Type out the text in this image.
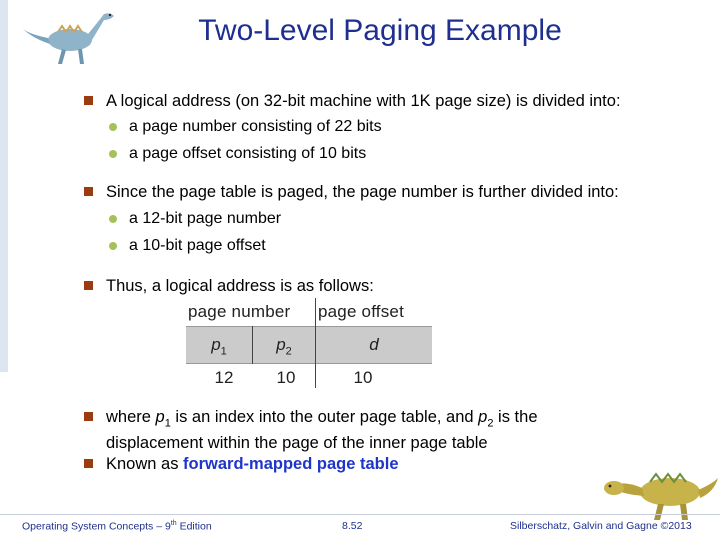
Two-Level Paging Example
A logical address (on 32-bit machine with 1K page size) is divided into:
a page number consisting of 22 bits
a page offset consisting of 10 bits
Since the page table is paged, the page number is further divided into:
a 12-bit page number
a 10-bit page offset
Thus, a logical address is as follows:
page number page offset
$p_1$	$p_2$	d
12	10	10
where $p_1$ is an index into the outer page table, and $p_2$ is the
displacement within the page of the inner page table
Known as forward-mapped page table
Operating System Concepts – 9th Edition	8.52	Silberschatz, Galvin and Gagne ©2013
